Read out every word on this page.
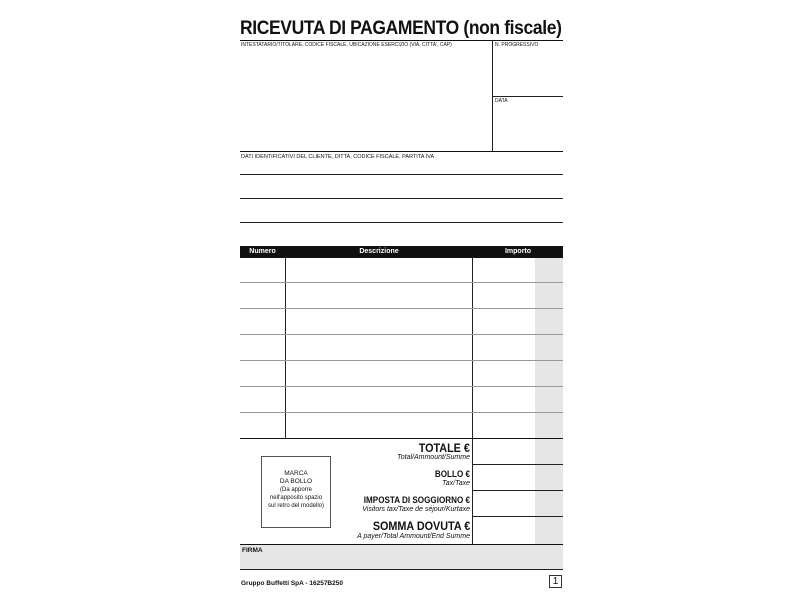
RICEVUTA DI PAGAMENTO (non fiscale)
INTESTATARIO/TITOLARE, CODICE FISCALE, UBICAZIONE ESERCIZIO (VIA, CITTA', CAP)	N. PROGRESSIVO
DATA
DATI IDENTIFICATIVI DEL CLIENTE, DITTA, CODICE FISCALE, PARTITA IVA
Numero	Descrizione	Importo
TOTALE €
Total/Ammount/Summe
BOLLO €
Tax/Taxe
IMPOSTA DI SOGGIORNO €
Visitors tax/Taxe de séjour/Kurtaxe
SOMMA DOVUTA €
A payer/Total Ammount/End Summe
MARCA
DA BOLLO
(Da apporre
nell'apposito spazio
sul retro del modello)
FIRMA
Gruppo Buffetti SpA - 16257B250	1
